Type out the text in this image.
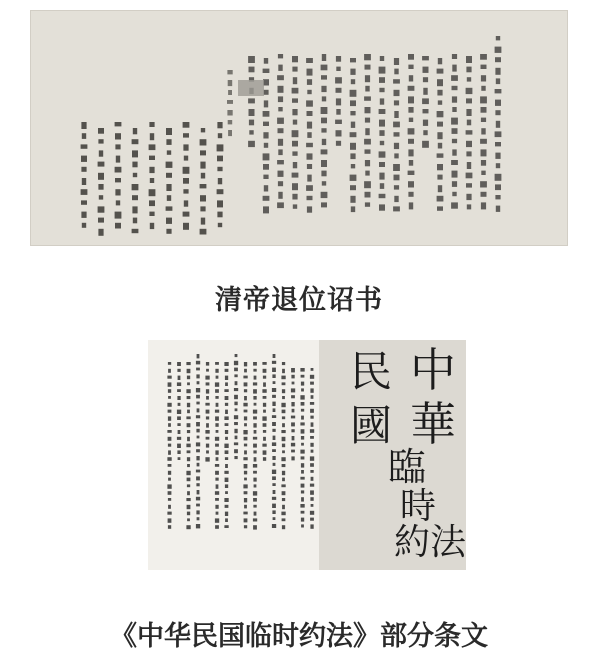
清帝退位诏书
中
華
民
國
臨
時
約 法
《中华民国临时约法》部分条文
